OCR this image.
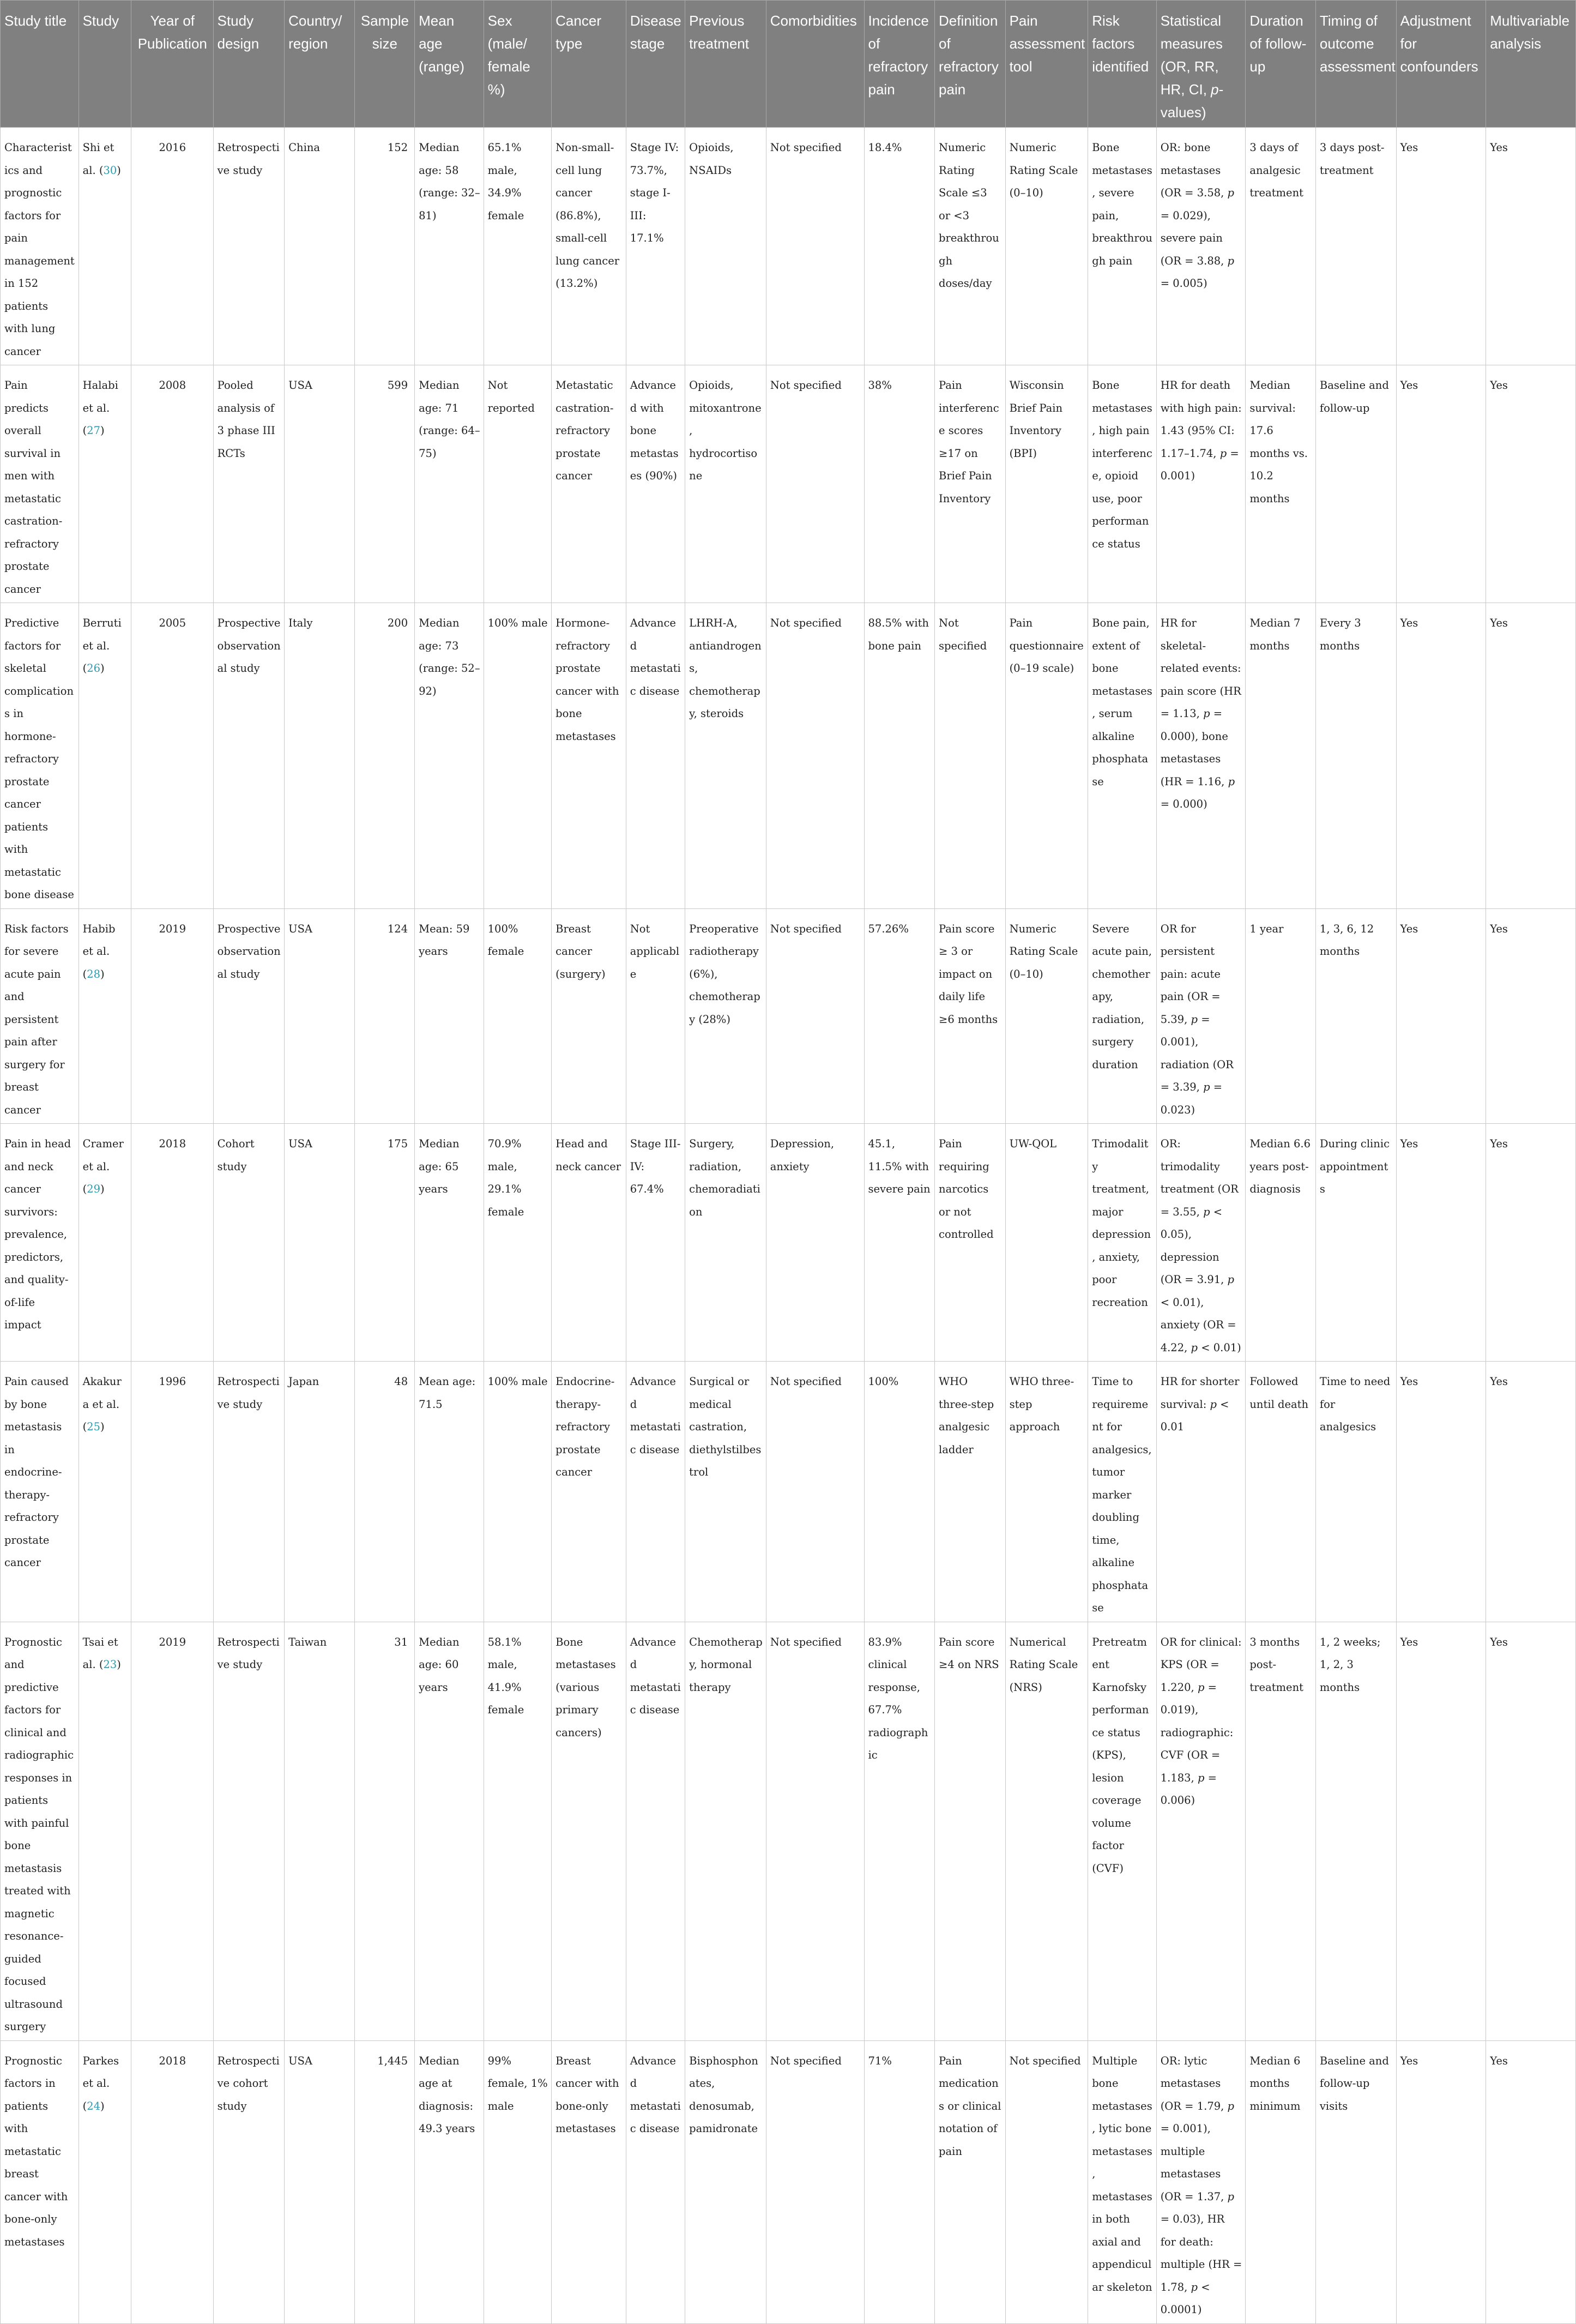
Study title	Study	Year of Publication	Study design	Country/ region	Sample size	Mean age (range)	Sex (male/ female %)	Cancer type	Disease stage	Previous treatment	Comorbidities	Incidence of refractory pain	Definition of refractory pain	Pain assessment tool	Risk factors identified	Statistical measures (OR, RR, HR, CI, p-values)	Duration of follow-up	Timing of outcome assessment	Adjustment for confounders	Multivariable analysis
Characteristics and prognostic factors for pain management in 152 patients with lung cancer	Shi et al. (30)	2016	Retrospective study	China	152	Median age: 58 (range: 32–81)	65.1% male, 34.9% female	Non-small-cell lung cancer (86.8%), small-cell lung cancer (13.2%)	Stage IV: 73.7%, stage I-III: 17.1%	Opioids, NSAIDs	Not specified	18.4%	Numeric Rating Scale ≤3 or <3 breakthrough doses/day	Numeric Rating Scale (0–10)	Bone metastases, severe pain, breakthrough pain	OR: bone metastases (OR = 3.58, p = 0.029), severe pain (OR = 3.88, p = 0.005)	3 days of analgesic treatment	3 days post-treatment	Yes	Yes
Pain predicts overall survival in men with metastatic castration-refractory prostate cancer	Halabi et al. (27)	2008	Pooled analysis of 3 phase III RCTs	USA	599	Median age: 71 (range: 64–75)	Not reported	Metastatic castration-refractory prostate cancer	Advanced with bone metastases (90%)	Opioids, mitoxantrone, hydrocortisone	Not specified	38%	Pain interference scores ≥17 on Brief Pain Inventory	Wisconsin Brief Pain Inventory (BPI)	Bone metastases, high pain interference, opioid use, poor performance status	HR for death with high pain: 1.43 (95% CI: 1.17–1.74, p = 0.001)	Median survival: 17.6 months vs. 10.2 months	Baseline and follow-up	Yes	Yes
Predictive factors for skeletal complications in hormone-refractory prostate cancer patients with metastatic bone disease	Berruti et al. (26)	2005	Prospective observational study	Italy	200	Median age: 73 (range: 52–92)	100% male	Hormone-refractory prostate cancer with bone metastases	Advanced metastatic disease	LHRH-A, antiandrogens, chemotherapy, steroids	Not specified	88.5% with bone pain	Not specified	Pain questionnaire (0–19 scale)	Bone pain, extent of bone metastases, serum alkaline phosphatase	HR for skeletal-related events: pain score (HR = 1.13, p = 0.000), bone metastases (HR = 1.16, p = 0.000)	Median 7 months	Every 3 months	Yes	Yes
Risk factors for severe acute pain and persistent pain after surgery for breast cancer	Habib et al. (28)	2019	Prospective observational study	USA	124	Mean: 59 years	100% female	Breast cancer (surgery)	Not applicable	Preoperative radiotherapy (6%), chemotherapy (28%)	Not specified	57.26%	Pain score ≥ 3 or impact on daily life ≥6 months	Numeric Rating Scale (0–10)	Severe acute pain, chemotherapy, radiation, surgery duration	OR for persistent pain: acute pain (OR = 5.39, p = 0.001), radiation (OR = 3.39, p = 0.023)	1 year	1, 3, 6, 12 months	Yes	Yes
Pain in head and neck cancer survivors: prevalence, predictors, and quality-of-life impact	Cramer et al. (29)	2018	Cohort study	USA	175	Median age: 65 years	70.9% male, 29.1% female	Head and neck cancer	Stage III-IV: 67.4%	Surgery, radiation, chemoradiation	Depression, anxiety	45.1, 11.5% with severe pain	Pain requiring narcotics or not controlled	UW-QOL	Trimodality treatment, major depression, anxiety, poor recreation	OR: trimodality treatment (OR = 3.55, p < 0.05), depression (OR = 3.91, p < 0.01), anxiety (OR = 4.22, p < 0.01)	Median 6.6 years post-diagnosis	During clinic appointments	Yes	Yes
Pain caused by bone metastasis in endocrine-therapy-refractory prostate cancer	Akakura et al. (25)	1996	Retrospective study	Japan	48	Mean age: 71.5	100% male	Endocrine-therapy-refractory prostate cancer	Advanced metastatic disease	Surgical or medical castration, diethylstilbestrol	Not specified	100%	WHO three-step analgesic ladder	WHO three-step approach	Time to requirement for analgesics, tumor marker doubling time, alkaline phosphatase	HR for shorter survival: p < 0.01	Followed until death	Time to need for analgesics	Yes	Yes
Prognostic and predictive factors for clinical and radiographic responses in patients with painful bone metastasis treated with magnetic resonance-guided focused ultrasound surgery	Tsai et al. (23)	2019	Retrospective study	Taiwan	31	Median age: 60 years	58.1% male, 41.9% female	Bone metastases (various primary cancers)	Advanced metastatic disease	Chemotherapy, hormonal therapy	Not specified	83.9% clinical response, 67.7% radiographic	Pain score ≥4 on NRS	Numerical Rating Scale (NRS)	Pretreatment Karnofsky performance status (KPS), lesion coverage volume factor (CVF)	OR for clinical: KPS (OR = 1.220, p = 0.019), radiographic: CVF (OR = 1.183, p = 0.006)	3 months post-treatment	1, 2 weeks; 1, 2, 3 months	Yes	Yes
Prognostic factors in patients with metastatic breast cancer with bone-only metastases	Parkes et al. (24)	2018	Retrospective cohort study	USA	1,445	Median age at diagnosis: 49.3 years	99% female, 1% male	Breast cancer with bone-only metastases	Advanced metastatic disease	Bisphosphonates, denosumab, pamidronate	Not specified	71%	Pain medications or clinical notation of pain	Not specified	Multiple bone metastases, lytic bone metastases, metastases in both axial and appendicular skeleton	OR: lytic metastases (OR = 1.79, p = 0.001), multiple metastases (OR = 1.37, p = 0.03), HR for death: multiple (HR = 1.78, p < 0.0001)	Median 6 months minimum	Baseline and follow-up visits	Yes	Yes
